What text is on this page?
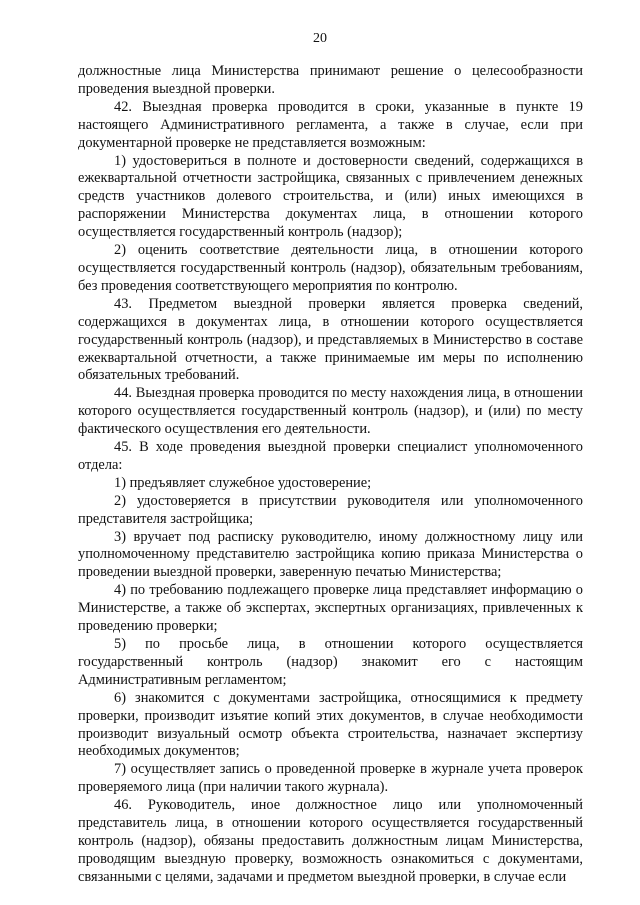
20

должностные лица Министерства принимают решение о целесообразности проведения выездной проверки.

42. Выездная проверка проводится в сроки, указанные в пункте 19 настоящего Административного регламента, а также в случае, если при документарной проверке не представляется возможным:

1) удостовериться в полноте и достоверности сведений, содержащихся в ежеквартальной отчетности застройщика, связанных с привлечением денежных средств участников долевого строительства, и (или) иных имеющихся в распоряжении Министерства документах лица, в отношении которого осуществляется государственный контроль (надзор);

2) оценить соответствие деятельности лица, в отношении которого осуществляется государственный контроль (надзор), обязательным требованиям, без проведения соответствующего мероприятия по контролю.

43. Предметом выездной проверки является проверка сведений, содержащихся в документах лица, в отношении которого осуществляется государственный контроль (надзор), и представляемых в Министерство в составе ежеквартальной отчетности, а также принимаемые им меры по исполнению обязательных требований.

44. Выездная проверка проводится по месту нахождения лица, в отношении которого осуществляется государственный контроль (надзор), и (или) по месту фактического осуществления его деятельности.

45. В ходе проведения выездной проверки специалист уполномоченного отдела:

1) предъявляет служебное удостоверение;

2) удостоверяется в присутствии руководителя или уполномоченного представителя застройщика;

3) вручает под расписку руководителю, иному должностному лицу или уполномоченному представителю застройщика копию приказа Министерства о проведении выездной проверки, заверенную печатью Министерства;

4) по требованию подлежащего проверке лица представляет информацию о Министерстве, а также об экспертах, экспертных организациях, привлеченных к проведению проверки;

5) по просьбе лица, в отношении которого осуществляется государственный контроль (надзор) знакомит его с настоящим Административным регламентом;

6) знакомится с документами застройщика, относящимися к предмету проверки, производит изъятие копий этих документов, в случае необходимости производит визуальный осмотр объекта строительства, назначает экспертизу необходимых документов;

7) осуществляет запись о проведенной проверке в журнале учета проверок проверяемого лица (при наличии такого журнала).

46. Руководитель, иное должностное лицо или уполномоченный представитель лица, в отношении которого осуществляется государственный контроль (надзор), обязаны предоставить должностным лицам Министерства, проводящим выездную проверку, возможность ознакомиться с документами, связанными с целями, задачами и предметом выездной проверки, в случае если
